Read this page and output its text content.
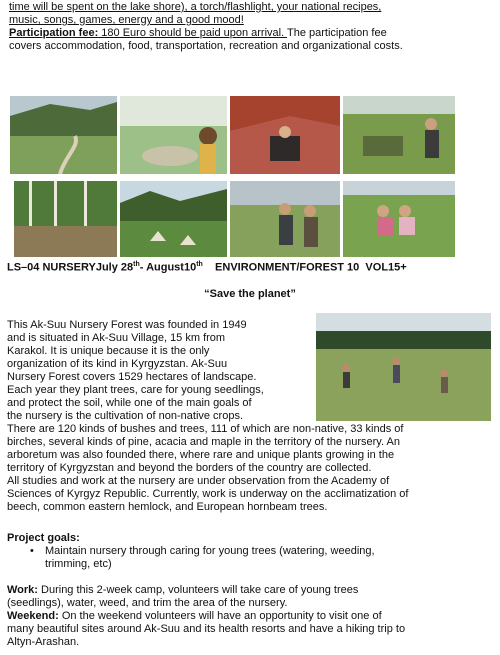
time will be spent on the lake shore), a torch/flashlight, your national recipes,
music, songs, games, energy and a good mood!
Participation fee: 180 Euro should be paid upon arrival. The participation fee
covers accommodation, food, transportation, recreation and organizational costs.
LS–04 NURSERYJuly 28th- August10th ENVIRONMENT/FOREST 10 VOL15+
“Save the planet”
This Ak-Suu Nursery Forest was founded in 1949
and is situated in Ak-Suu Village, 15 km from
Karakol. It is unique because it is the only
organization of its kind in Kyrgyzstan. Ak-Suu
Nursery Forest covers 1529 hectares of landscape.
Each year they plant trees, care for young seedlings,
and protect the soil, while one of the main goals of
the nursery is the cultivation of non-native crops.
There are 120 kinds of bushes and trees, 111 of which are non-native, 33 kinds of
birches, several kinds of pine, acacia and maple in the territory of the nursery. An
arboretum was also founded there, where rare and unique plants growing in the
territory of Kyrgyzstan and beyond the borders of the country are collected.
All studies and work at the nursery are under observation from the Academy of
Sciences of Kyrgyz Republic. Currently, work is underway on the acclimatization of
beech, common eastern hemlock, and European hornbeam trees.
Project goals:
• Maintain nursery through caring for young trees (watering, weeding,
trimming, etc)
Work: During this 2-week camp, volunteers will take care of young trees
(seedlings), water, weed, and trim the area of the nursery.
Weekend: On the weekend volunteers will have an opportunity to visit one of
many beautiful sites around Ak-Suu and its health resorts and have a hiking trip to
Altyn-Arashan.
